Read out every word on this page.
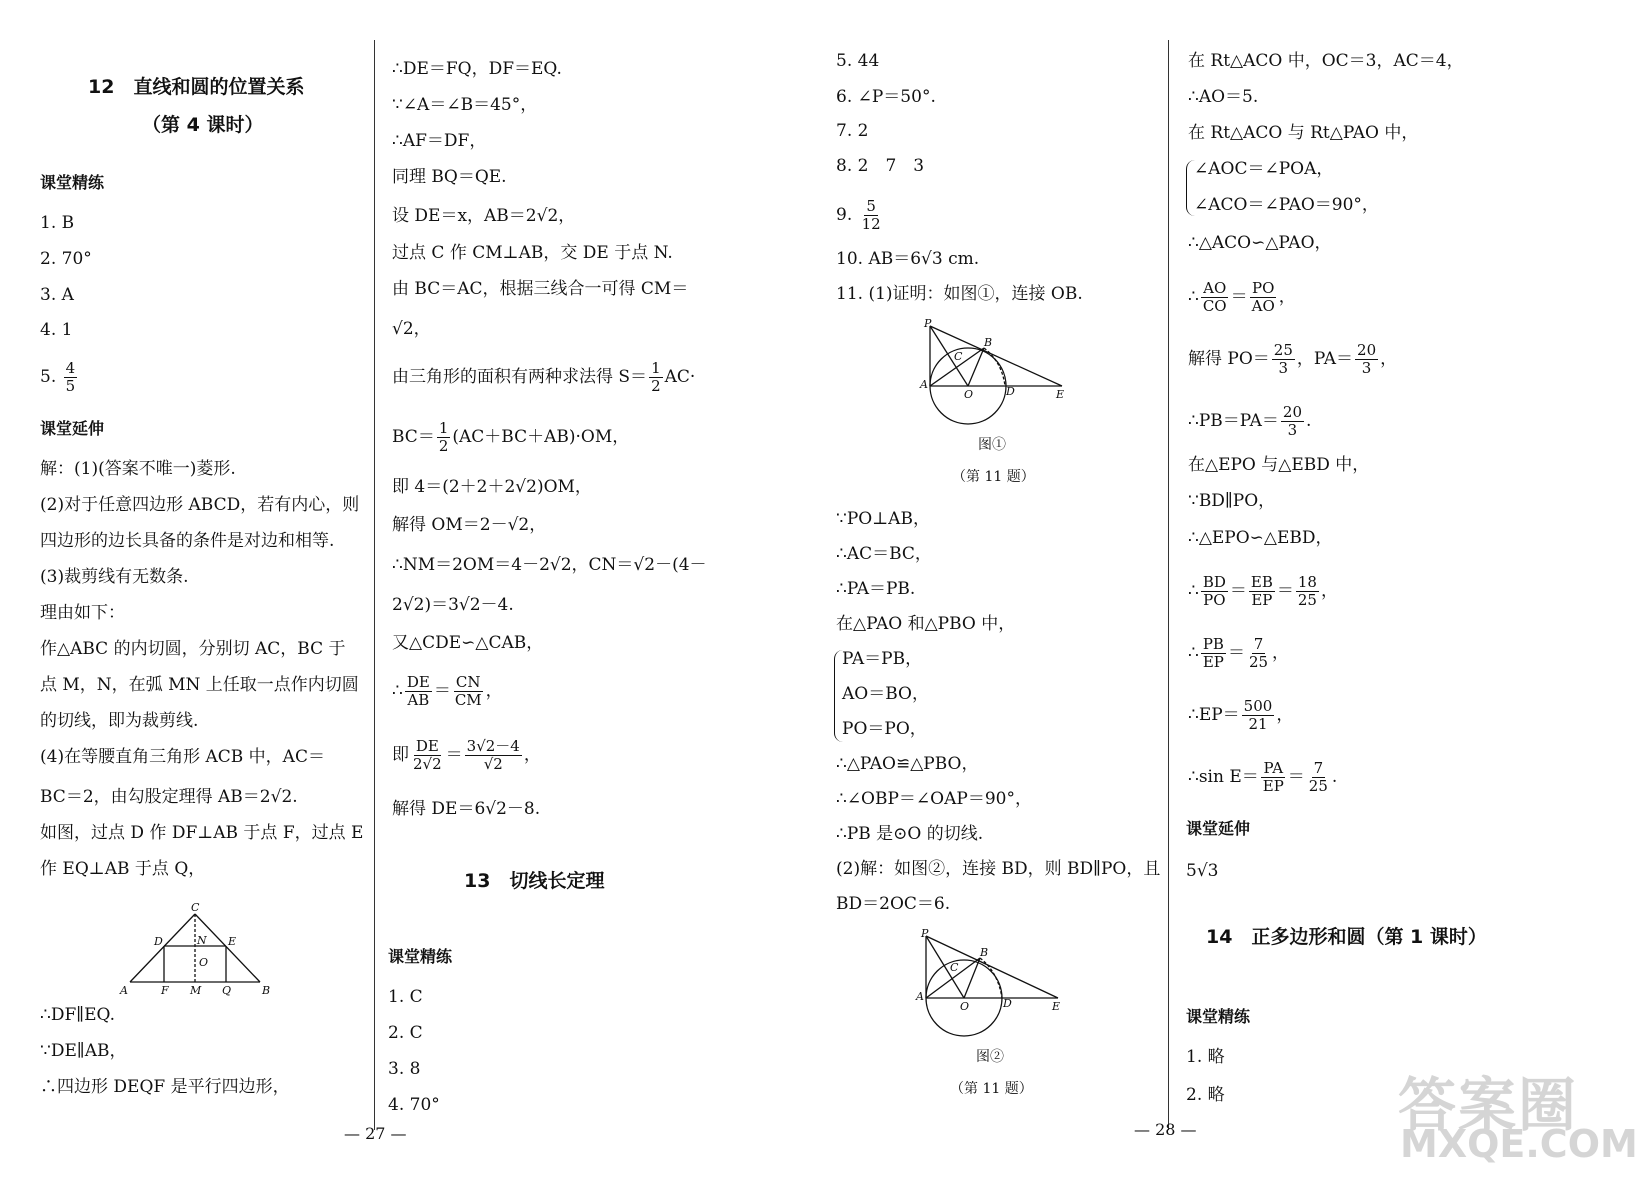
12　直线和圆的位置关系
（第 4 课时）
课堂精练
1. B
2. 70°
3. A
4. 1
5. $\frac{4}{5}$
课堂延伸
解：(1)(答案不唯一)菱形.
(2)对于任意四边形 ABCD，若有内心，则
四边形的边长具备的条件是对边和相等.
(3)裁剪线有无数条.
理由如下：
作△ABC 的内切圆，分别切 AC，BC 于
点 M，N，在弧 MN 上任取一点作内切圆
的切线，即为裁剪线.
(4)在等腰直角三角形 ACB 中，AC＝
BC＝2，由勾股定理得 AB＝2√2.
如图，过点 D 作 DF⊥AB 于点 F，过点 E
作 EQ⊥AB 于点 Q，
C
D	N E
O
A	F M Q	B
∴DF∥EQ.
∵DE∥AB，
∴四边形 DEQF 是平行四边形，
∴DE＝FQ，DF＝EQ.
∵∠A＝∠B＝45°，
∴AF＝DF，
同理 BQ＝QE.
设 DE＝x，AB＝2√2，
过点 C 作 CM⊥AB，交 DE 于点 N.
由 BC＝AC，根据三线合一可得 CM＝
√2，
由三角形的面积有两种求法得 $S= \frac{1}{2} AC\cdot$
$BC= \frac{1}{2} (AC+BC+AB)\cdot OM$，
即 4＝(2＋2＋2√2)OM，
解得 OM＝2－√2，
∴NM＝2OM＝4－2√2，CN＝√2－(4－
2√2)＝3√2－4.
又△CDE∽△CAB，
∴ $\frac{DE}{AB} = \frac{CN}{CM}$ ，
即 $\frac{DE}{2√2} = \frac{3√2-4}{√2}$ ，
解得 DE＝6√2－8.
13　切线长定理
课堂精练
1. C
2. C
3. 8
4. 70°
— 27 —
5. 44
6. ∠P＝50°.
7. 2
8. 2　7　3
9. $\frac{5}{12}$
10. AB＝6√3 cm.
11. (1)证明：如图①，连接 OB.
P
B
C
A
O	D	E
图①
（第 11 题）
∵PO⊥AB，
∴AC＝BC，
∴PA＝PB.
在△PAO 和△PBO 中，
PA＝PB，
AO＝BO，
PO＝PO，
∴△PAO≌△PBO，
∴∠OBP＝∠OAP＝90°，
∴PB 是⊙O 的切线.
(2)解：如图②，连接 BD，则 BD∥PO，且
BD＝2OC＝6.
P
B
C
A
O	D	E
图②
（第 11 题）
在 Rt△ACO 中，OC＝3，AC＝4，
∴AO＝5.
在 Rt△ACO 与 Rt△PAO 中，
∠AOC＝∠POA，
∠ACO＝∠PAO＝90°，
∴△ACO∽△PAO，
∴ $\frac{AO}{CO} = \frac{PO}{AO}$ ，
解得 $PO= \frac{25}{3}$ ，$PA= \frac{20}{3}$ ，
∴PB＝PA＝ $\frac{20}{3}$ .
在△EPO 与△EBD 中，
∵BD∥PO，
∴△EPO∽△EBD，
∴ $\frac{BD}{PO} = \frac{EB}{EP} = \frac{18}{25}$ ，
∴ $\frac{PB}{EP} = \frac{7}{25}$ ，
∴EP＝ $\frac{500}{21}$ ，
∴sin $E= \frac{PA}{EP} = \frac{7}{25}$ .
课堂延伸
5√3
14　正多边形和圆（第 1 课时）
课堂精练
1. 略
2. 略
— 28 —	答案圈
MXQE.COM
